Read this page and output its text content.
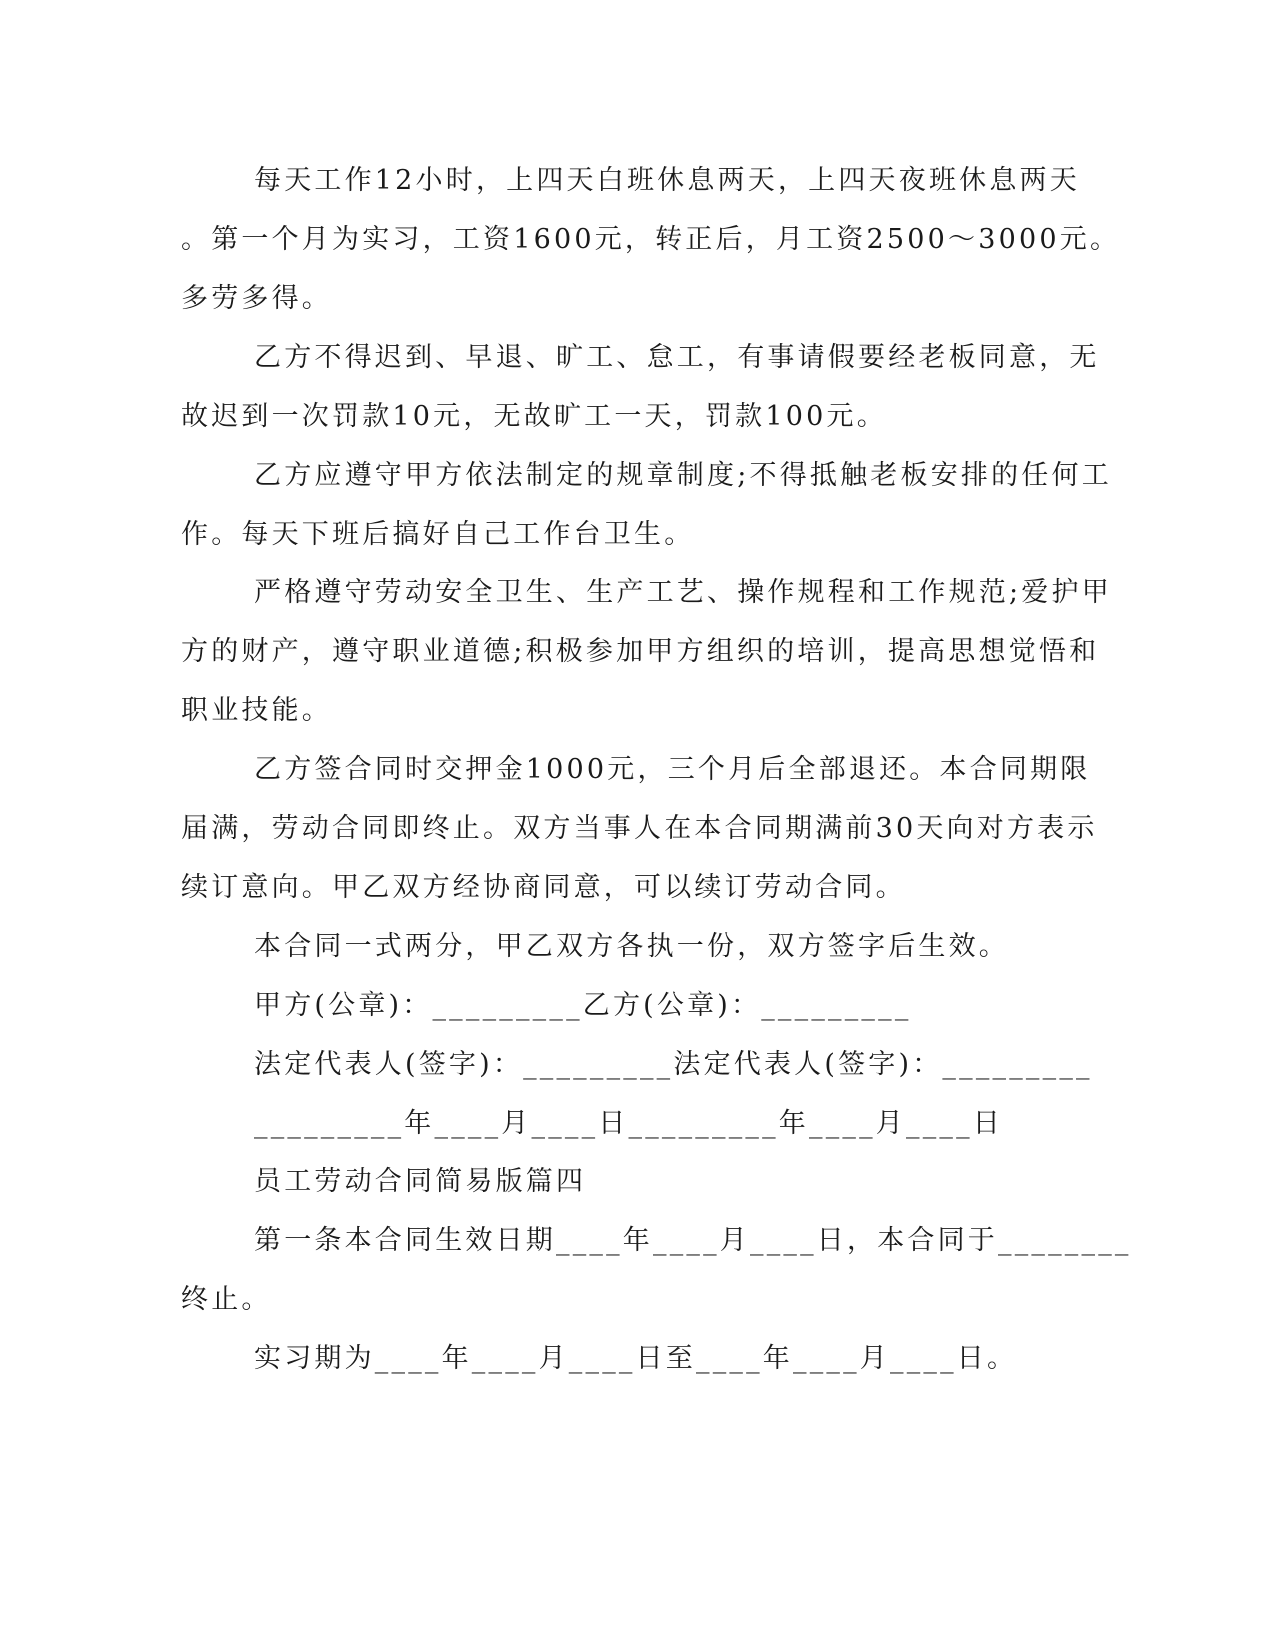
每天工作12小时，上四天白班休息两天，上四天夜班休息两天
。第一个月为实习，工资1600元，转正后，月工资2500～3000元。
多劳多得。
乙方不得迟到、早退、旷工、怠工，有事请假要经老板同意，无
故迟到一次罚款10元，无故旷工一天，罚款100元。
乙方应遵守甲方依法制定的规章制度;不得抵触老板安排的任何工
作。每天下班后搞好自己工作台卫生。
严格遵守劳动安全卫生、生产工艺、操作规程和工作规范;爱护甲
方的财产，遵守职业道德;积极参加甲方组织的培训，提高思想觉悟和
职业技能。
乙方签合同时交押金1000元，三个月后全部退还。本合同期限
届满，劳动合同即终止。双方当事人在本合同期满前30天向对方表示
续订意向。甲乙双方经协商同意，可以续订劳动合同。
本合同一式两分，甲乙双方各执一份，双方签字后生效。
甲方(公章)：_________乙方(公章)：_________
法定代表人(签字)：_________法定代表人(签字)：_________
_________年____月____日_________年____月____日
员工劳动合同简易版篇四
第一条本合同生效日期____年____月____日，本合同于________
终止。
实习期为____年____月____日至____年____月____日。
